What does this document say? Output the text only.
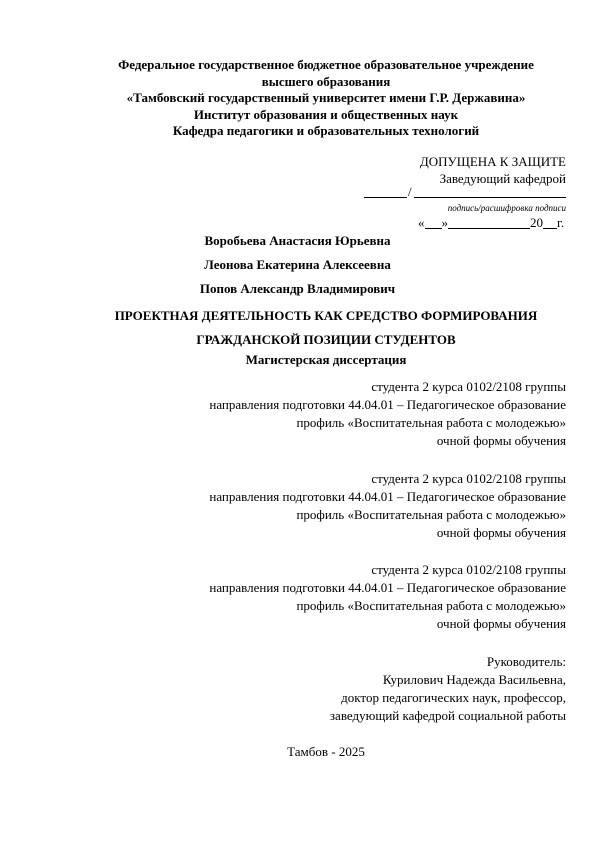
Федеральное государственное бюджетное образовательное учреждение
высшего образования
«Тамбовский государственный университет имени Г.Р. Державина»
Институт образования и общественных наук
Кафедра педагогики и образовательных технологий
ДОПУЩЕНА К ЗАЩИТЕ
Заведующий кафедрой
/
подпись/расшифровка подписи
« »	20 г.
Воробьева Анастасия Юрьевна
Леонова Екатерина Алексеевна
Попов Александр Владимирович
ПРОЕКТНАЯ ДЕЯТЕЛЬНОСТЬ КАК СРЕДСТВО ФОРМИРОВАНИЯ
ГРАЖДАНСКОЙ ПОЗИЦИИ СТУДЕНТОВ
Магистерская диссертация
студента 2 курса 0102/2108 группы
направления подготовки 44.04.01 – Педагогическое образование
профиль «Воспитательная работа с молодежью»
очной формы обучения
студента 2 курса 0102/2108 группы
направления подготовки 44.04.01 – Педагогическое образование
профиль «Воспитательная работа с молодежью»
очной формы обучения
студента 2 курса 0102/2108 группы
направления подготовки 44.04.01 – Педагогическое образование
профиль «Воспитательная работа с молодежью»
очной формы обучения
Руководитель:
Курилович Надежда Васильевна,
доктор педагогических наук, профессор,
заведующий кафедрой социальной работы
Тамбов - 2025
